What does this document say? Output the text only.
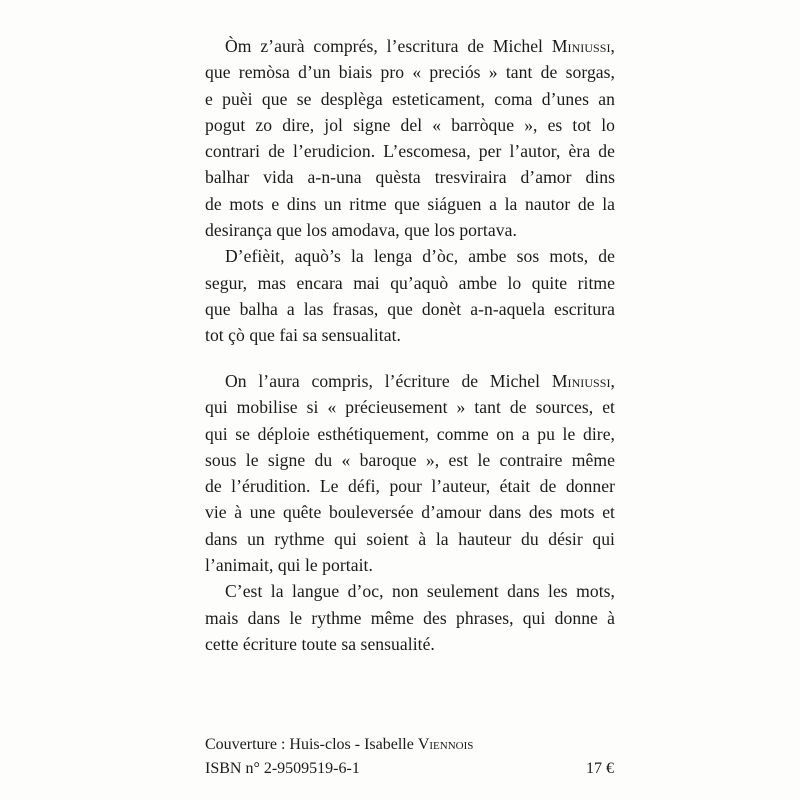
Òm z’aurà comprés, l’escritura de Michel Miniussi,
que remòsa d’un biais pro « preciós » tant de sorgas,
e puèi que se desplèga esteticament, coma d’unes an
pogut zo dire, jol signe del « barròque », es tot lo
contrari de l’erudicion. L’escomesa, per l’autor, èra de
balhar vida a-n-una quèsta tresviraira d’amor dins
de mots e dins un ritme que siáguen a la nautor de la
desirança que los amodava, que los portava.
D’efièit, aquò’s la lenga d’òc, ambe sos mots, de
segur, mas encara mai qu’aquò ambe lo quite ritme
que balha a las frasas, que donèt a-n-aquela escritura
tot çò que fai sa sensualitat.
On l’aura compris, l’écriture de Michel Miniussi,
qui mobilise si « précieusement » tant de sources, et
qui se déploie esthétiquement, comme on a pu le dire,
sous le signe du « baroque », est le contraire même
de l’érudition. Le défi, pour l’auteur, était de donner
vie à une quête bouleversée d’amour dans des mots et
dans un rythme qui soient à la hauteur du désir qui
l’animait, qui le portait.
C’est la langue d’oc, non seulement dans les mots,
mais dans le rythme même des phrases, qui donne à
cette écriture toute sa sensualité.
Couverture : Huis-clos - Isabelle Viennois
ISBN n° 2-9509519-6-1	17 €
